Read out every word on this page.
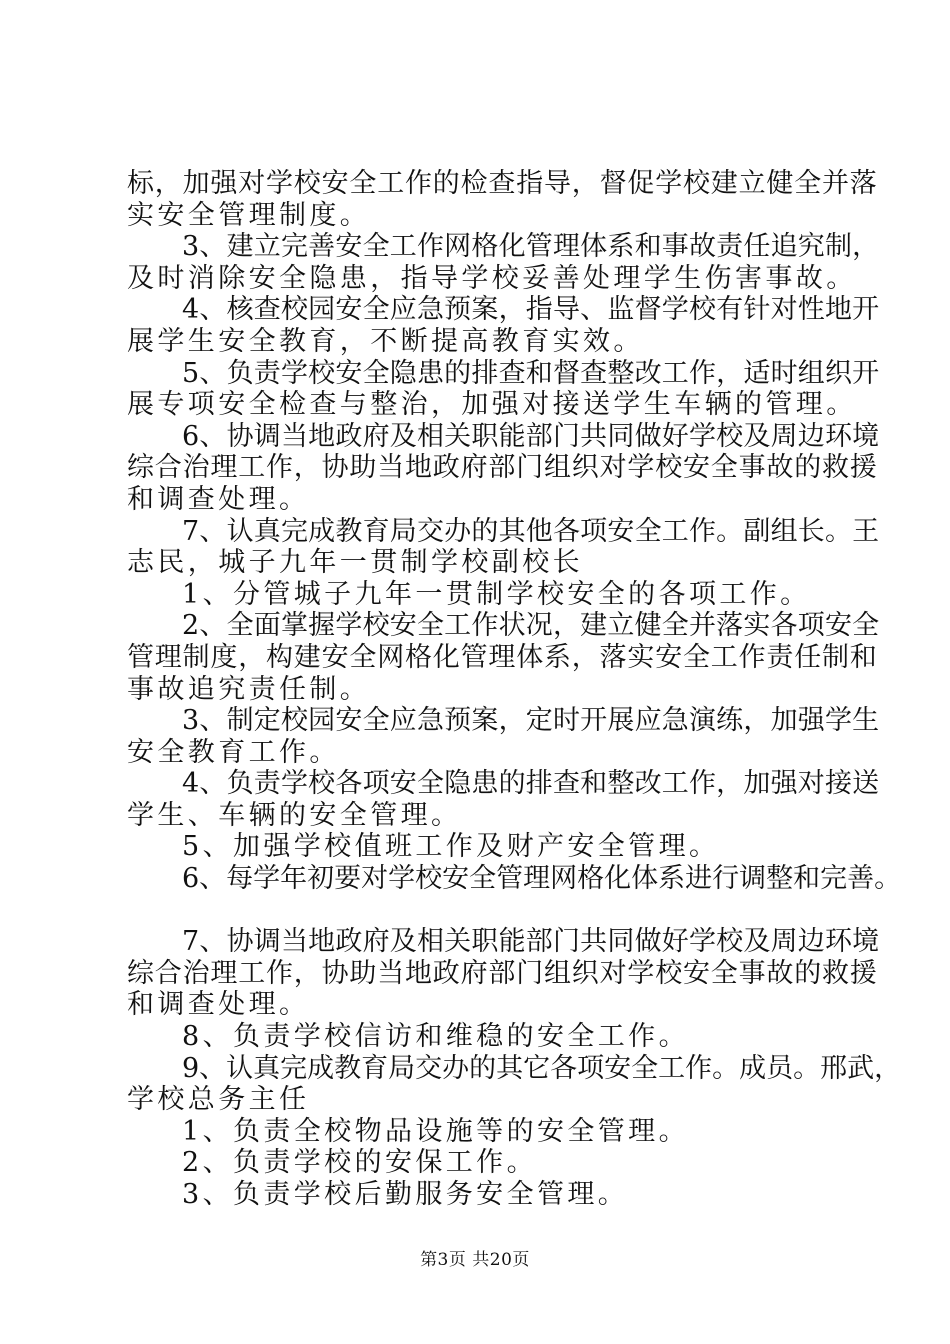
标，加强对学校安全工作的检查指导，督促学校建立健全并落
实安全管理制度。
3、建立完善安全工作网格化管理体系和事故责任追究制，
及时消除安全隐患，指导学校妥善处理学生伤害事故。
4、核查校园安全应急预案，指导、监督学校有针对性地开
展学生安全教育，不断提高教育实效。
5、负责学校安全隐患的排查和督查整改工作，适时组织开
展专项安全检查与整治，加强对接送学生车辆的管理。
6、协调当地政府及相关职能部门共同做好学校及周边环境
综合治理工作，协助当地政府部门组织对学校安全事故的救援
和调查处理。
7、认真完成教育局交办的其他各项安全工作。副组长。王
志民，城子九年一贯制学校副校长
1、分管城子九年一贯制学校安全的各项工作。
2、全面掌握学校安全工作状况，建立健全并落实各项安全
管理制度，构建安全网格化管理体系，落实安全工作责任制和
事故追究责任制。
3、制定校园安全应急预案，定时开展应急演练，加强学生
安全教育工作。
4、负责学校各项安全隐患的排查和整改工作，加强对接送
学生、车辆的安全管理。
5、加强学校值班工作及财产安全管理。
6、每学年初要对学校安全管理网格化体系进行调整和完善。
7、协调当地政府及相关职能部门共同做好学校及周边环境
综合治理工作，协助当地政府部门组织对学校安全事故的救援
和调查处理。
8、负责学校信访和维稳的安全工作。
9、认真完成教育局交办的其它各项安全工作。成员。邢武，
学校总务主任
1、负责全校物品设施等的安全管理。
2、负责学校的安保工作。
3、负责学校后勤服务安全管理。
第3页 共20页
